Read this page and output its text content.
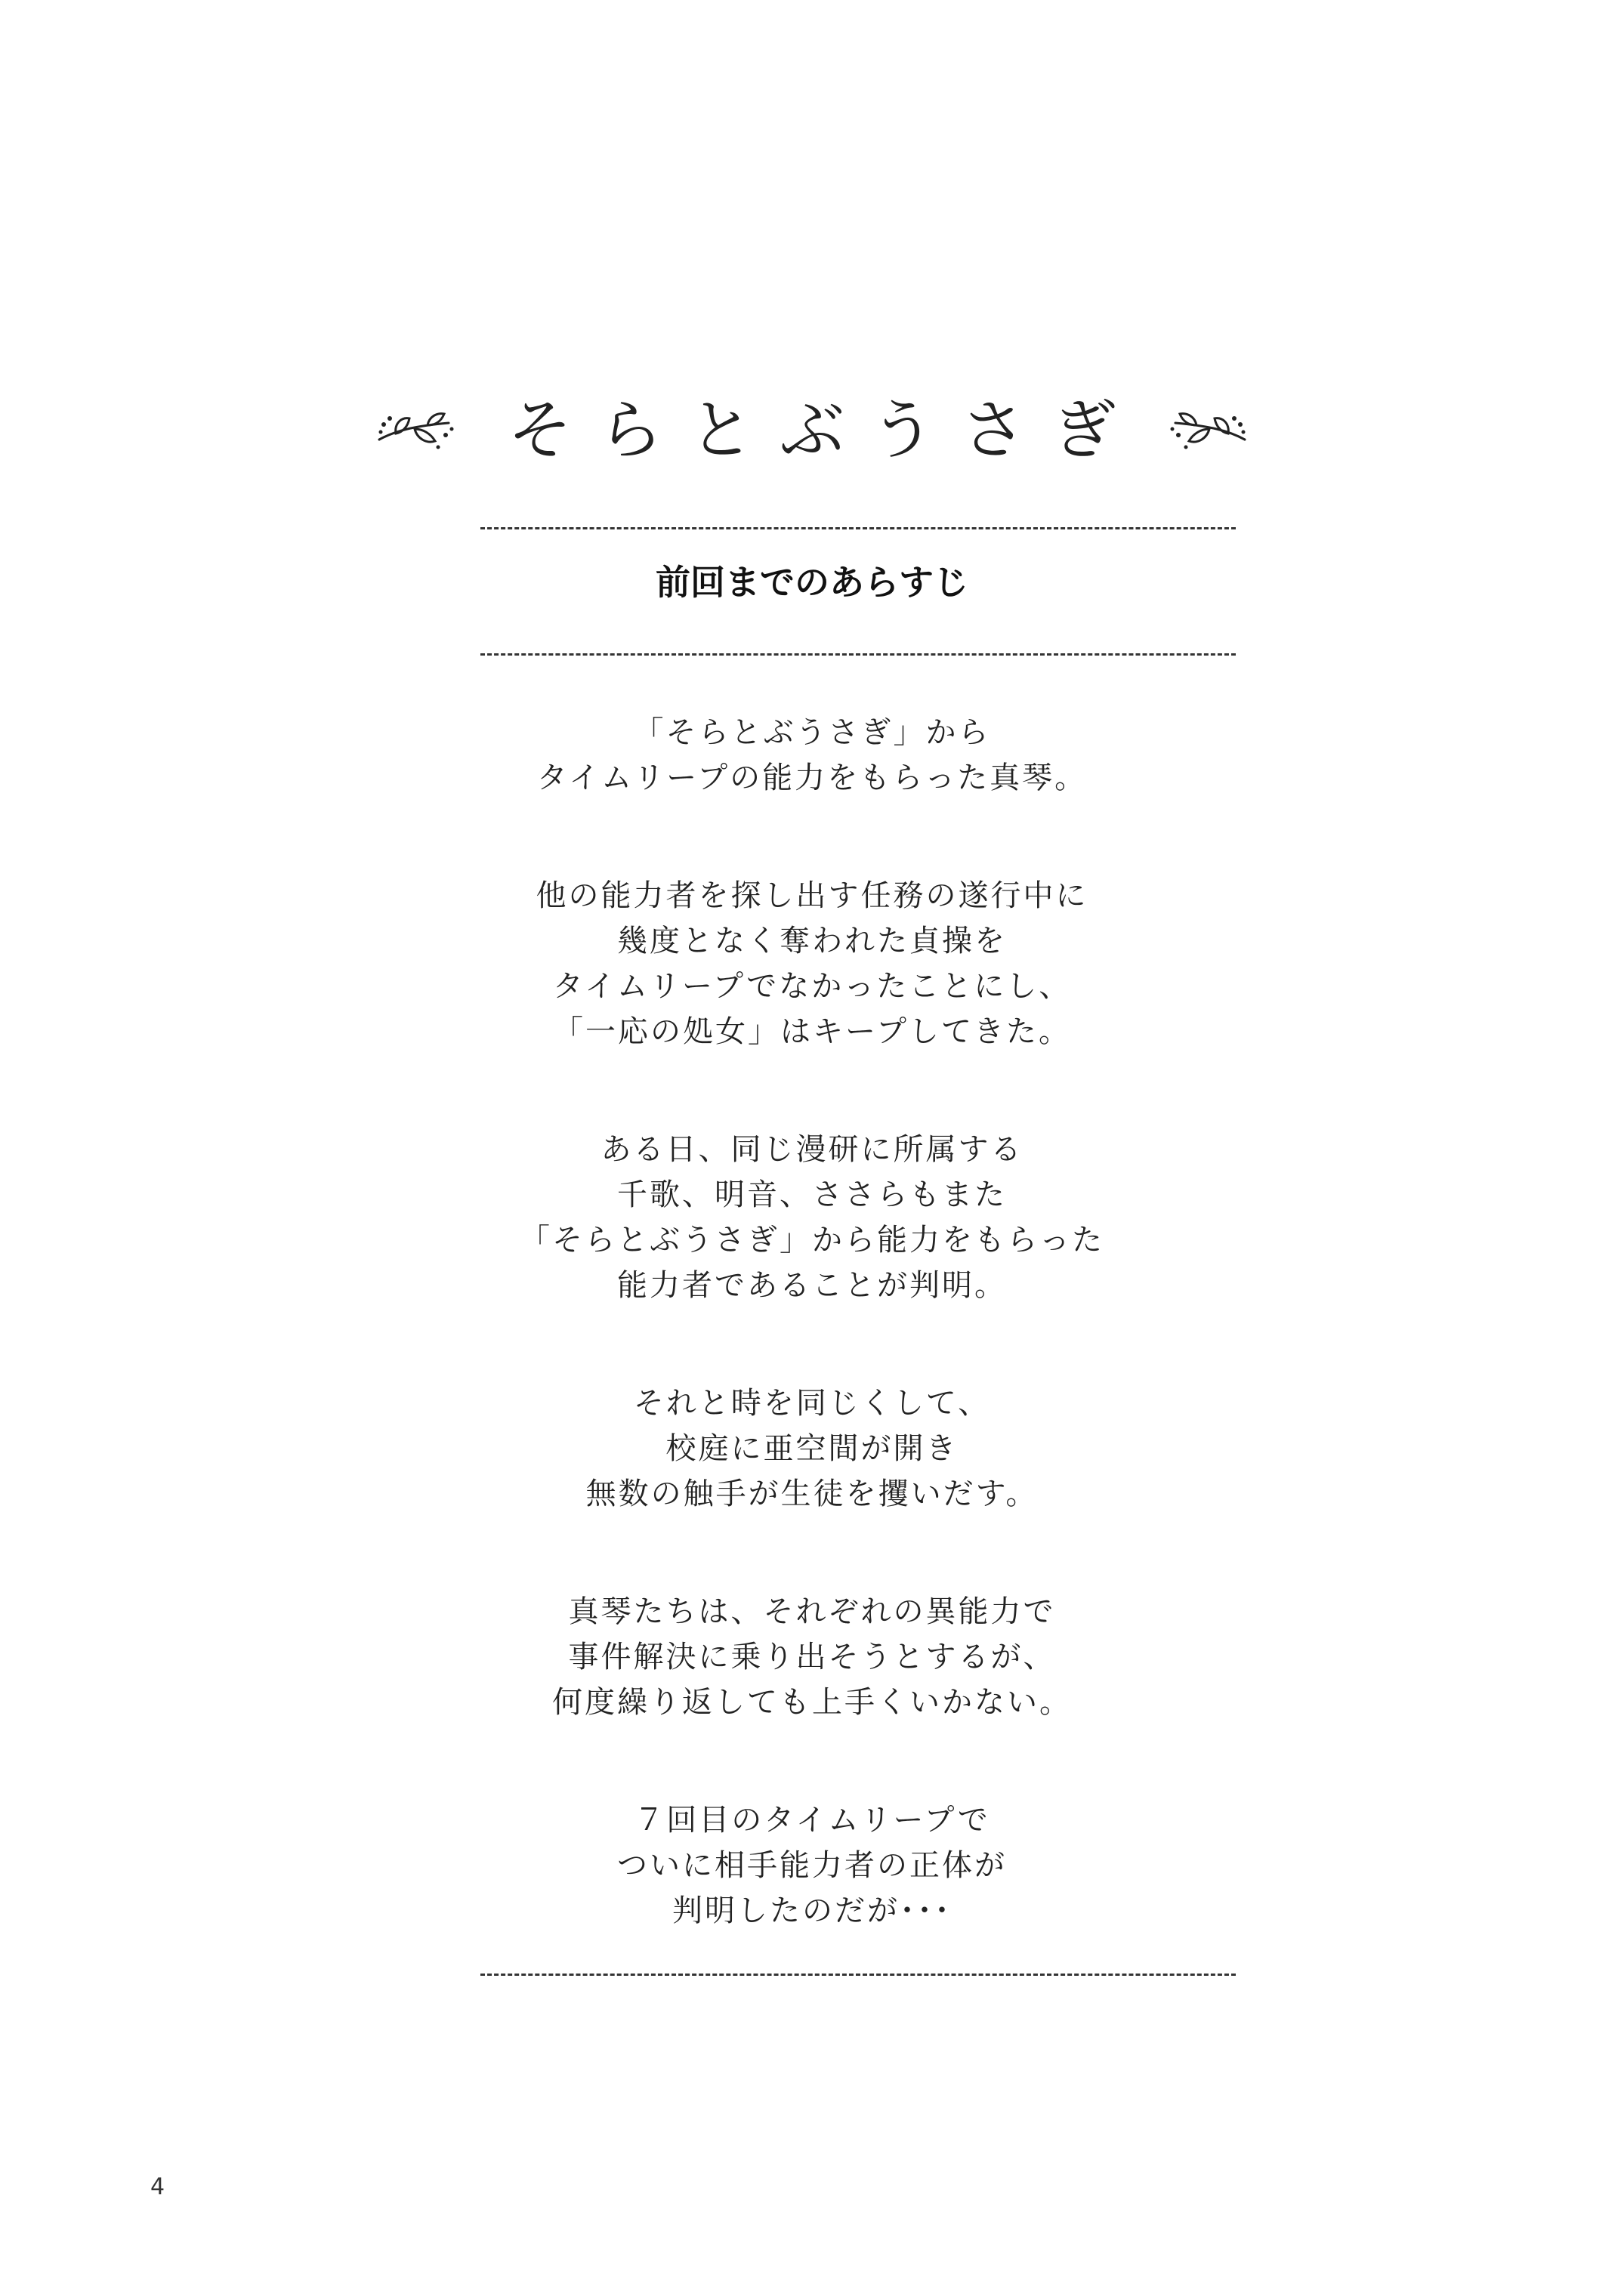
そらとぶうさぎ
前回までのあらすじ
「そらとぶうさぎ」から
タイムリープの能力をもらった真琴。
他の能力者を探し出す任務の遂行中に
幾度となく奪われた貞操を
タイムリープでなかったことにし、
「一応の処女」はキープしてきた。
ある日、同じ漫研に所属する
千歌、明音、ささらもまた
「そらとぶうさぎ」から能力をもらった
能力者であることが判明。
それと時を同じくして、
校庭に亜空間が開き
無数の触手が生徒を攫いだす。
真琴たちは、それぞれの異能力で
事件解決に乗り出そうとするが、
何度繰り返しても上手くいかない。
７回目のタイムリープで
ついに相手能力者の正体が
判明したのだが･･･
4
